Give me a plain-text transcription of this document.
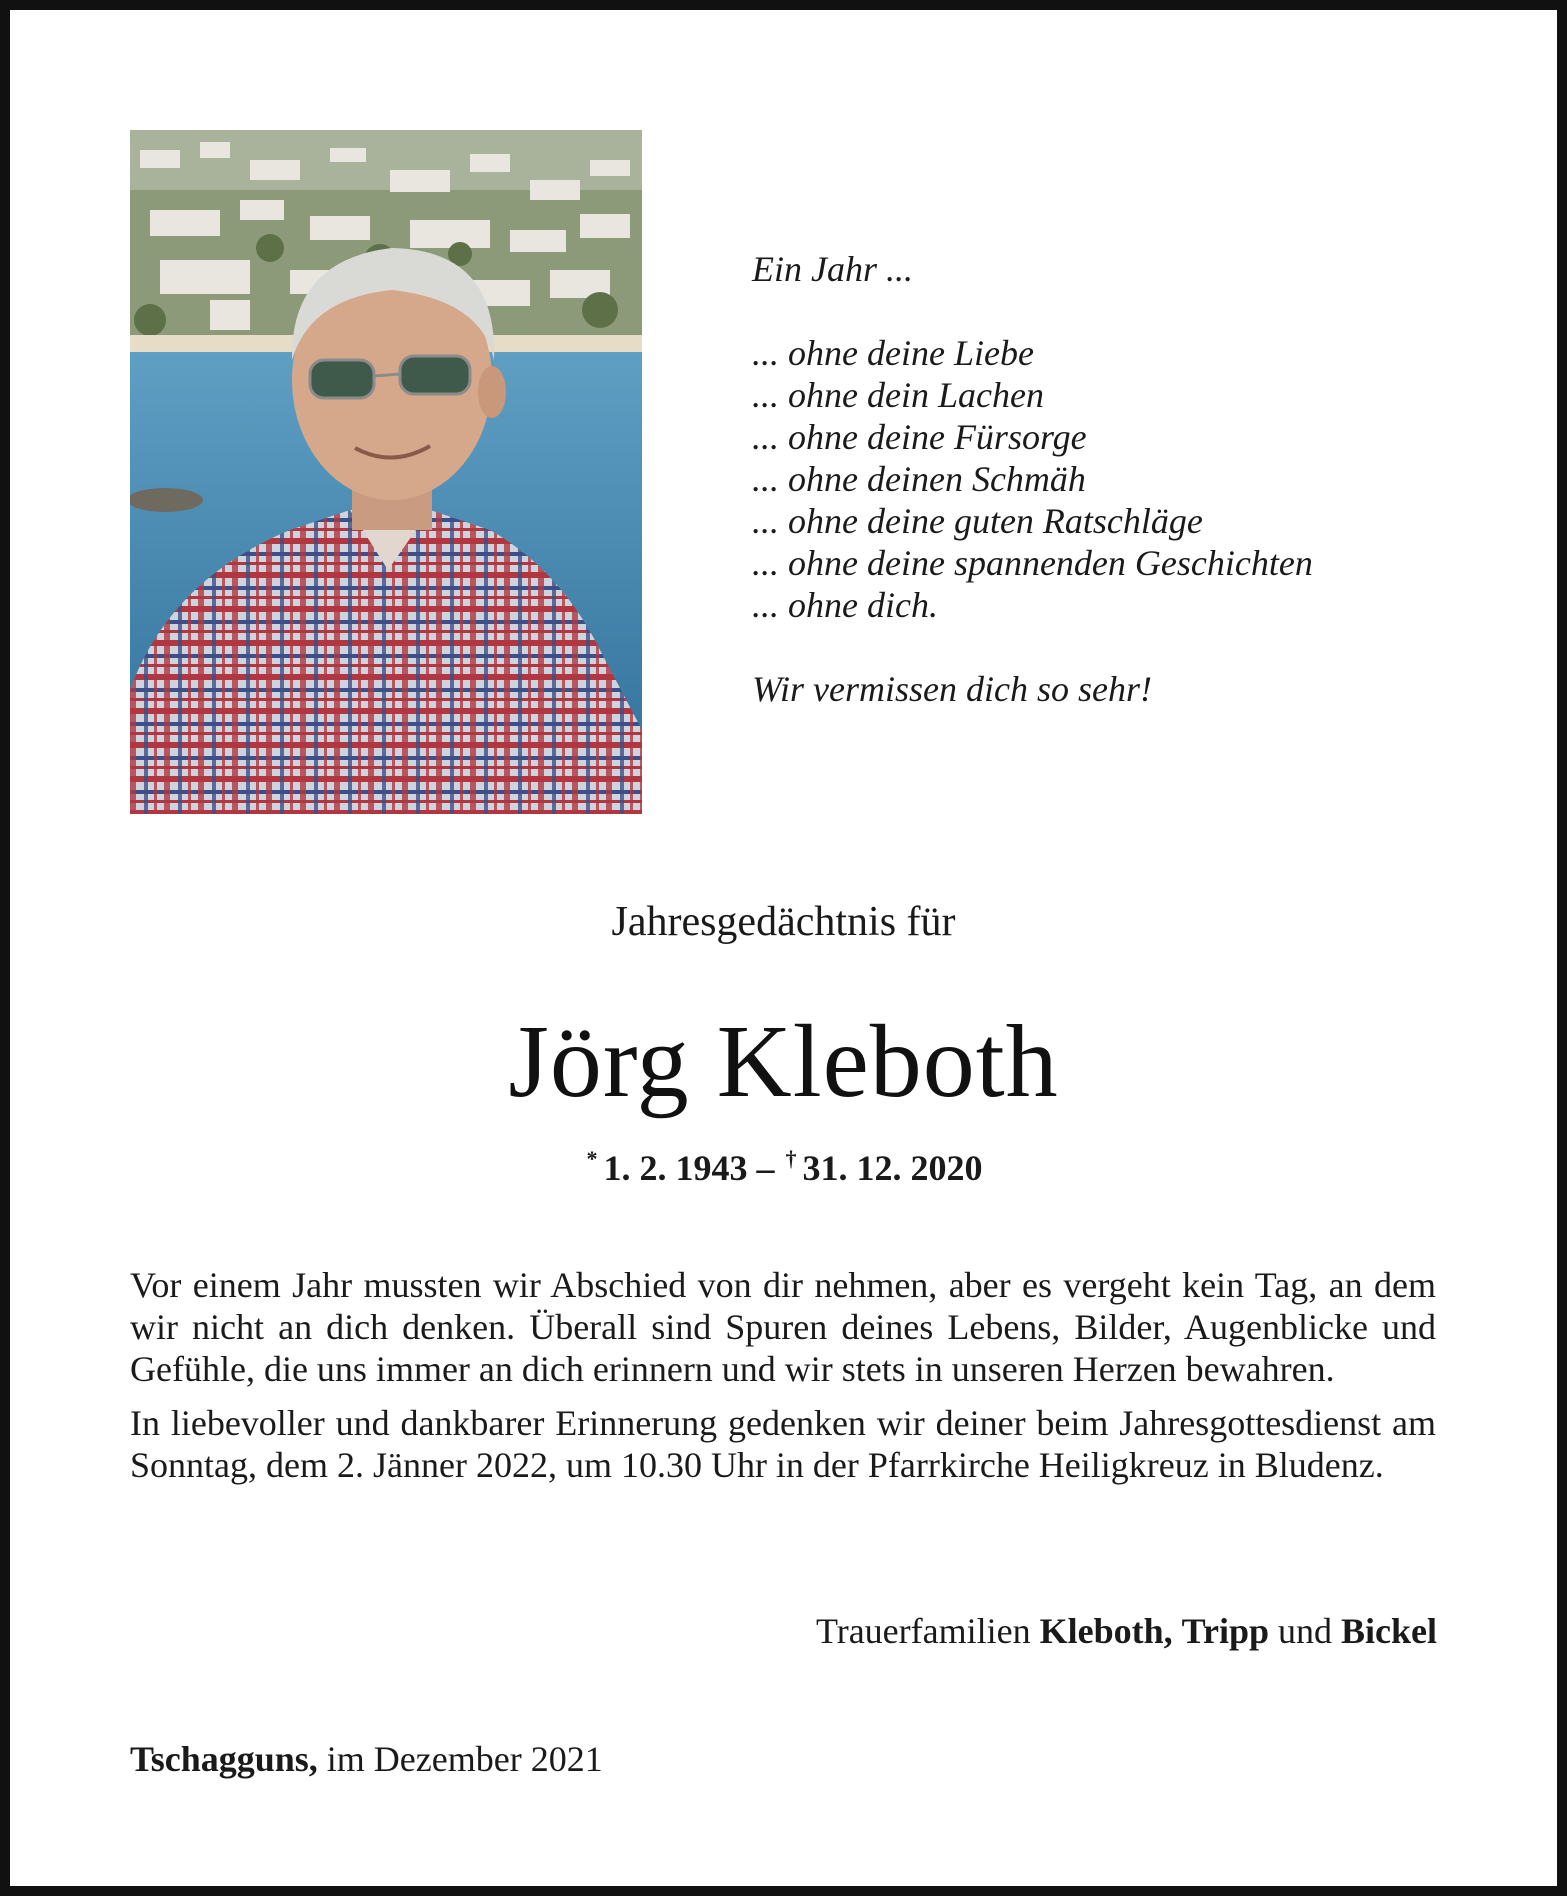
Ein Jahr ...
... ohne deine Liebe
... ohne dein Lachen
... ohne deine Fürsorge
... ohne deinen Schmäh
... ohne deine guten Ratschläge
... ohne deine spannenden Geschichten
... ohne dich.
Wir vermissen dich so sehr!
Jahresgedächtnis für
Jörg Kleboth
* 1. 2. 1943 – † 31. 12. 2020

Vor einem Jahr mussten wir Abschied von dir nehmen, aber es vergeht kein Tag, an dem wir nicht an dich denken. Überall sind Spuren deines Lebens, Bilder, Augenblicke und Gefühle, die uns immer an dich erinnern und wir stets in unseren Herzen bewahren.

In liebevoller und dankbarer Erinnerung gedenken wir deiner beim Jahresgottesdienst am Sonntag, dem 2. Jänner 2022, um 10.30 Uhr in der Pfarrkirche Heiligkreuz in Bludenz.

Trauerfamilien Kleboth, Tripp und Bickel
Tschagguns, im Dezember 2021
